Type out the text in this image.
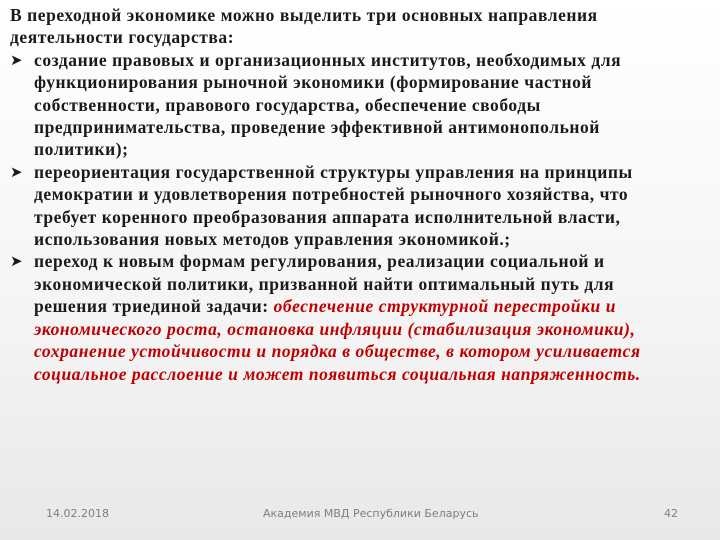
В переходной экономике можно выделить три основных направления деятельности государства:

➤ создание правовых и организационных институтов, необходимых для функционирования рыночной экономики (формирование частной собственности, правового государства, обеспечение свободы предпринимательства, проведение эффективной антимонопольной политики);
➤ переориентация государственной структуры управления на принципы демократии и удовлетворения потребностей рыночного хозяйства, что требует коренного преобразования аппарата исполнительной власти, использования новых методов управления экономикой.;
➤ переход к новым формам регулирования, реализации социальной и экономической политики, призванной найти оптимальный путь для решения триединой задачи: обеспечение структурной перестройки и экономического роста, остановка инфляции (стабилизация экономики), сохранение устойчивости и порядка в обществе, в котором усиливается социальное расслоение и может появиться социальная напряженность.
14.02.2018	Академия МВД Республики Беларусь	42
